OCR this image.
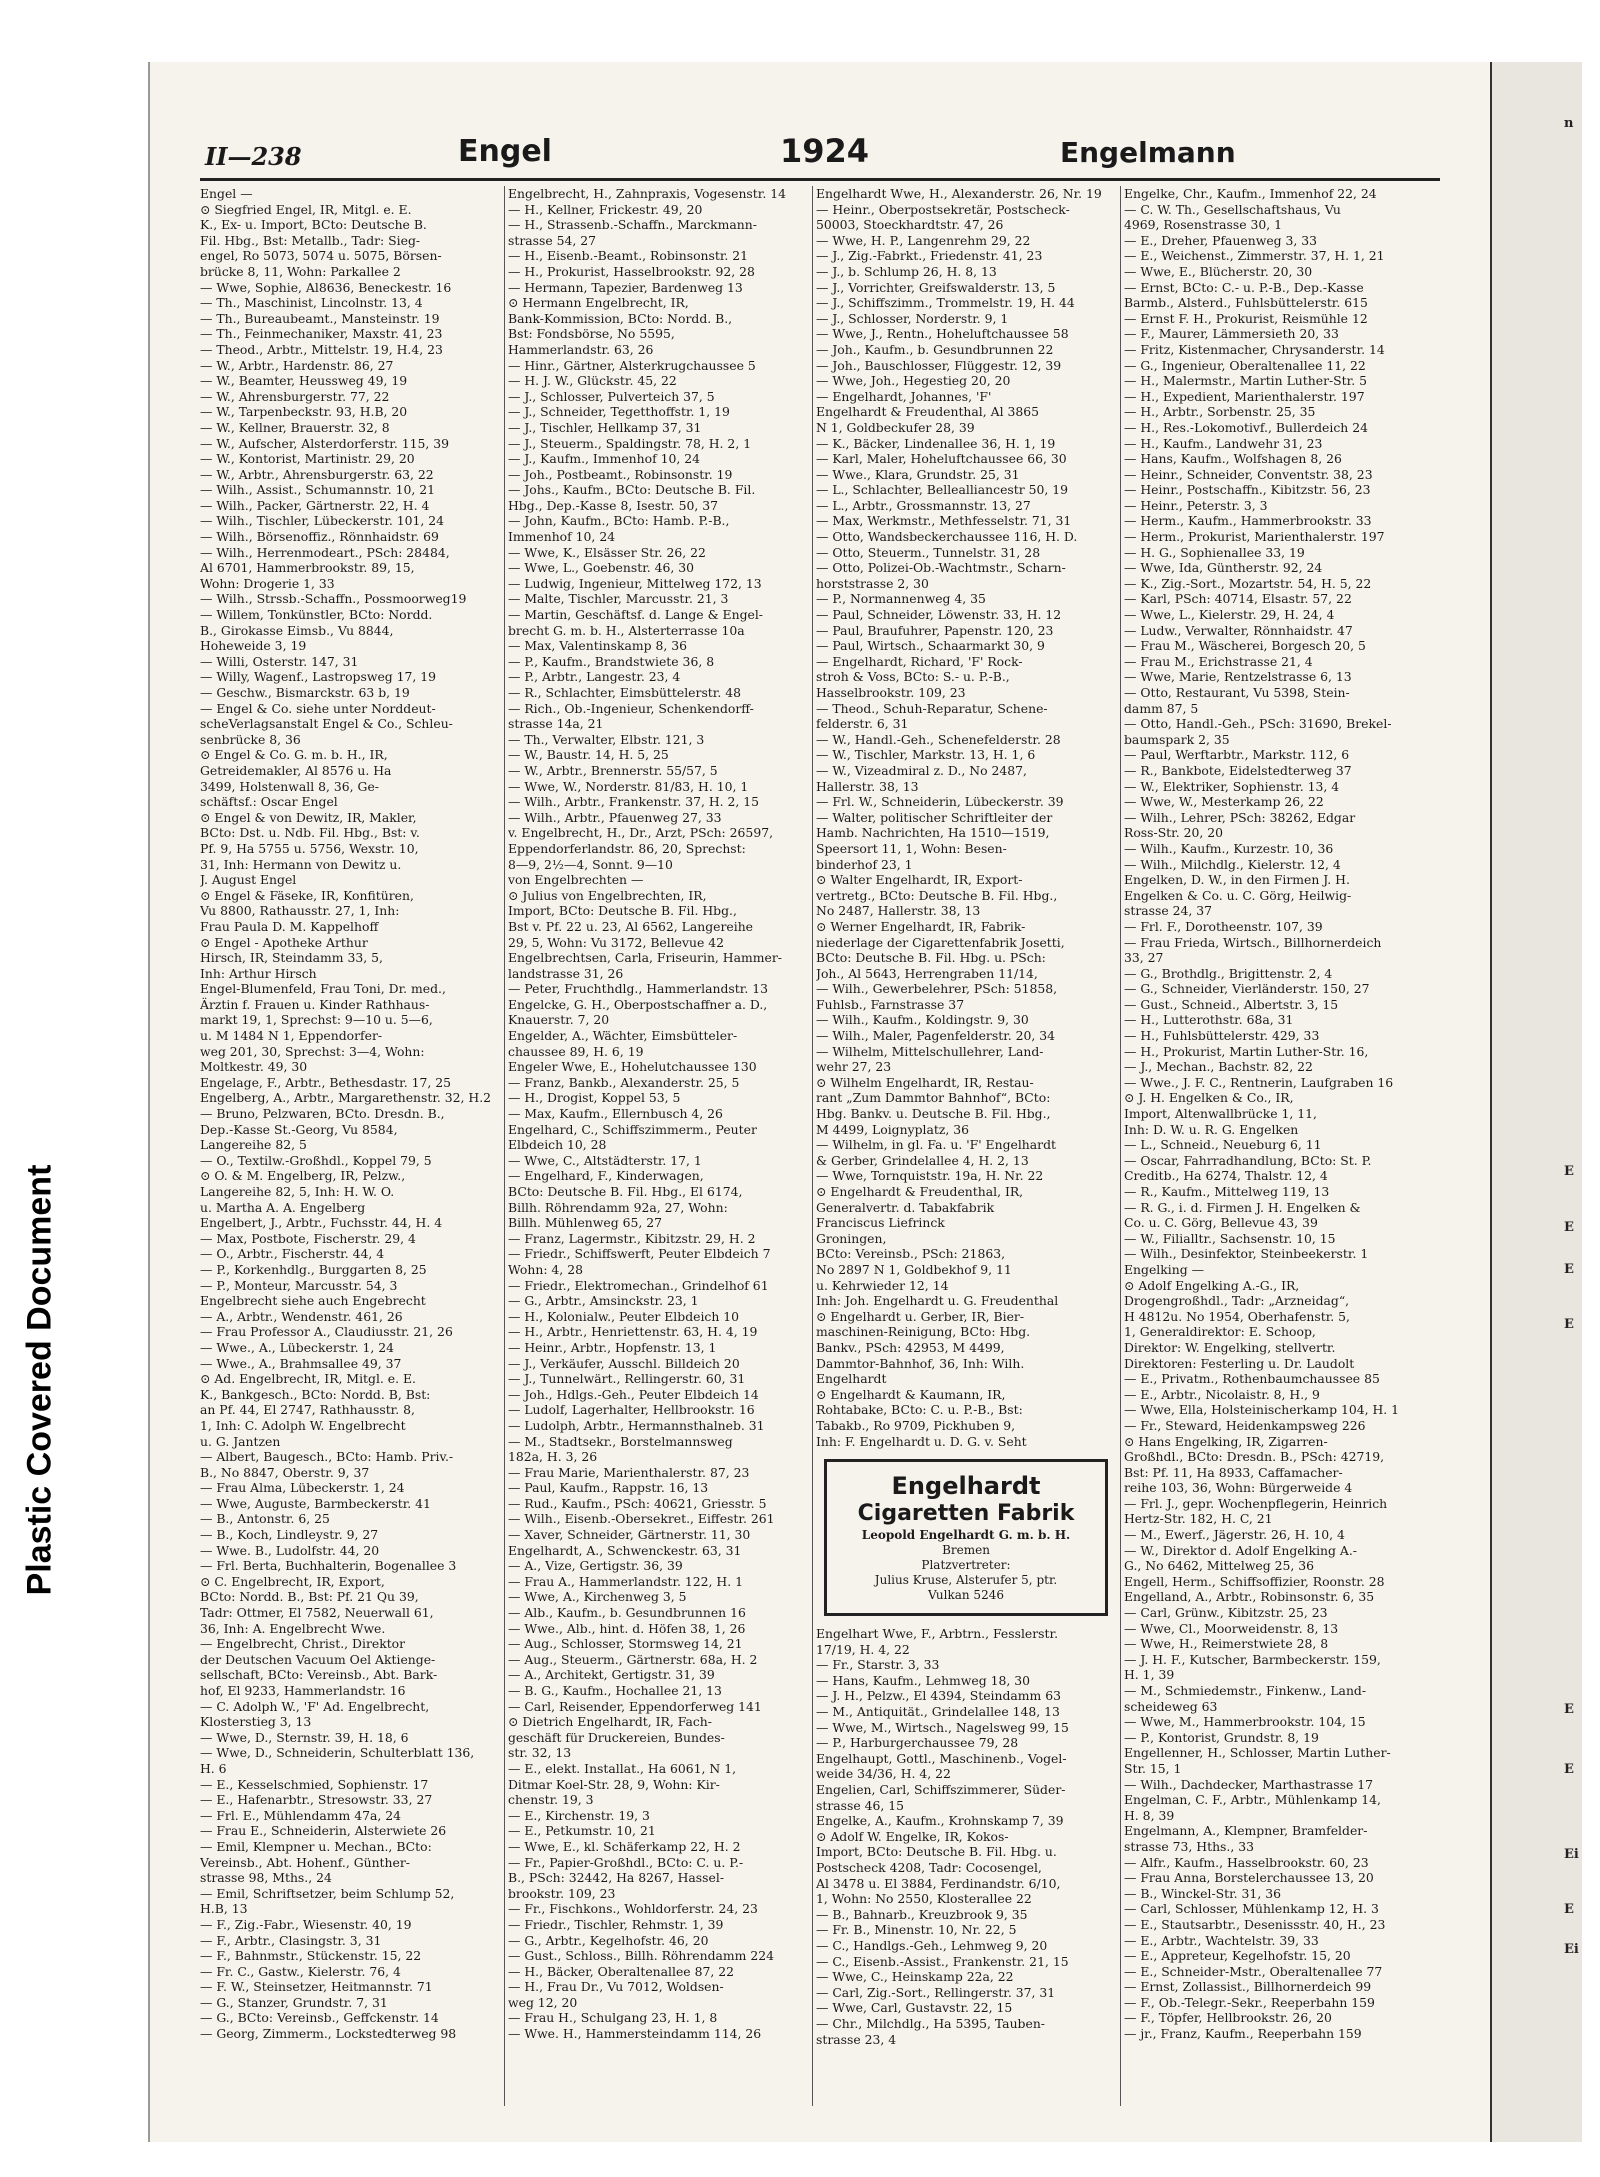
Plastic Covered Document
n
E
E
E
E
E
E
Ei
E
Ei
II—238	Engel	1924	Engelmann
Engel —
⊙ Siegfried Engel, IR, Mitgl. e. E.
K., Ex- u. Import, BCto: Deutsche B.
Fil. Hbg., Bst: Metallb., Tadr: Sieg-
engel, Ro 5073, 5074 u. 5075, Börsen-
brücke 8, 11, Wohn: Parkallee 2
— Wwe, Sophie, Al8636, Beneckestr. 16
— Th., Maschinist, Lincolnstr. 13, 4
— Th., Bureaubeamt., Mansteinstr. 19
— Th., Feinmechaniker, Maxstr. 41, 23
— Theod., Arbtr., Mittelstr. 19, H.4, 23
— W., Arbtr., Hardenstr. 86, 27
— W., Beamter, Heussweg 49, 19
— W., Ahrensburgerstr. 77, 22
— W., Tarpenbeckstr. 93, H.B, 20
— W., Kellner, Brauerstr. 32, 8
— W., Aufscher, Alsterdorferstr. 115, 39
— W., Kontorist, Martinistr. 29, 20
— W., Arbtr., Ahrensburgerstr. 63, 22
— Wilh., Assist., Schumannstr. 10, 21
— Wilh., Packer, Gärtnerstr. 22, H. 4
— Wilh., Tischler, Lübeckerstr. 101, 24
— Wilh., Börsenoffiz., Rönnhaidstr. 69
— Wilh., Herrenmodeart., PSch: 28484,
Al 6701, Hammerbrookstr. 89, 15,
Wohn: Drogerie 1, 33
— Wilh., Strssb.-Schaffn., Possmoorweg19
— Willem, Tonkünstler, BCto: Nordd.
B., Girokasse Eimsb., Vu 8844,
Hoheweide 3, 19
— Willi, Osterstr. 147, 31
— Willy, Wagenf., Lastropsweg 17, 19
— Geschw., Bismarckstr. 63 b, 19
— Engel & Co. siehe unter Norddeut-
scheVerlagsanstalt Engel & Co., Schleu-
senbrücke 8, 36
⊙ Engel & Co. G. m. b. H., IR,
Getreidemakler, Al 8576 u. Ha
3499, Holstenwall 8, 36, Ge-
schäftsf.: Oscar Engel
⊙ Engel & von Dewitz, IR, Makler,
BCto: Dst. u. Ndb. Fil. Hbg., Bst: v.
Pf. 9, Ha 5755 u. 5756, Wexstr. 10,
31, Inh: Hermann von Dewitz u.
J. August Engel
⊙ Engel & Fäseke, IR, Konfitüren,
Vu 8800, Rathausstr. 27, 1, Inh:
Frau Paula D. M. Kappelhoff
⊙ Engel - Apotheke Arthur
Hirsch, IR, Steindamm 33, 5,
Inh: Arthur Hirsch
Engel-Blumenfeld, Frau Toni, Dr. med.,
Ärztin f. Frauen u. Kinder Rathhaus-
markt 19, 1, Sprechst: 9—10 u. 5—6,
u. M 1484 N 1, Eppendorfer-
weg 201, 30, Sprechst: 3—4, Wohn:
Moltkestr. 49, 30
Engelage, F., Arbtr., Bethesdastr. 17, 25
Engelberg, A., Arbtr., Margarethenstr. 32, H.2
— Bruno, Pelzwaren, BCto. Dresdn. B.,
Dep.-Kasse St.-Georg, Vu 8584,
Langereihe 82, 5
— O., Textilw.-Großhdl., Koppel 79, 5
⊙ O. & M. Engelberg, IR, Pelzw.,
Langereihe 82, 5, Inh: H. W. O.
u. Martha A. A. Engelberg
Engelbert, J., Arbtr., Fuchsstr. 44, H. 4
— Max, Postbote, Fischerstr. 29, 4
— O., Arbtr., Fischerstr. 44, 4
— P., Korkenhdlg., Burggarten 8, 25
— P., Monteur, Marcusstr. 54, 3
Engelbrecht siehe auch Engebrecht
— A., Arbtr., Wendenstr. 461, 26
— Frau Professor A., Claudiusstr. 21, 26
— Wwe., A., Lübeckerstr. 1, 24
— Wwe., A., Brahmsallee 49, 37
⊙ Ad. Engelbrecht, IR, Mitgl. e. E.
K., Bankgesch., BCto: Nordd. B, Bst:
an Pf. 44, El 2747, Rathhausstr. 8,
1, Inh: C. Adolph W. Engelbrecht
u. G. Jantzen
— Albert, Baugesch., BCto: Hamb. Priv.-
B., No 8847, Oberstr. 9, 37
— Frau Alma, Lübeckerstr. 1, 24
— Wwe, Auguste, Barmbeckerstr. 41
— B., Antonstr. 6, 25
— B., Koch, Lindleystr. 9, 27
— Wwe. B., Ludolfstr. 44, 20
— Frl. Berta, Buchhalterin, Bogenallee 3
⊙ C. Engelbrecht, IR, Export,
BCto: Nordd. B., Bst: Pf. 21 Qu 39,
Tadr: Ottmer, El 7582, Neuerwall 61,
36, Inh: A. Engelbrecht Wwe.
— Engelbrecht, Christ., Direktor
der Deutschen Vacuum Oel Aktienge-
sellschaft, BCto: Vereinsb., Abt. Bark-
hof, El 9233, Hammerlandstr. 16
— C. Adolph W., 'F' Ad. Engelbrecht,
Klosterstieg 3, 13
— Wwe, D., Sternstr. 39, H. 18, 6
— Wwe, D., Schneiderin, Schulterblatt 136,
H. 6
— E., Kesselschmied, Sophienstr. 17
— E., Hafenarbtr., Stresowstr. 33, 27
— Frl. E., Mühlendamm 47a, 24
— Frau E., Schneiderin, Alsterwiete 26
— Emil, Klempner u. Mechan., BCto:
Vereinsb., Abt. Hohenf., Günther-
strasse 98, Mths., 24
— Emil, Schriftsetzer, beim Schlump 52,
H.B, 13
— F., Zig.-Fabr., Wiesenstr. 40, 19
— F., Arbtr., Clasingstr. 3, 31
— F., Bahnmstr., Stückenstr. 15, 22
— Fr. C., Gastw., Kielerstr. 76, 4
— F. W., Steinsetzer, Heitmannstr. 71
— G., Stanzer, Grundstr. 7, 31
— G., BCto: Vereinsb., Geffckenstr. 14
— Georg, Zimmerm., Lockstedterweg 98
Engelbrecht, H., Zahnpraxis, Vogesenstr. 14
— H., Kellner, Frickestr. 49, 20
— H., Strassenb.-Schaffn., Marckmann-
strasse 54, 27
— H., Eisenb.-Beamt., Robinsonstr. 21
— H., Prokurist, Hasselbrookstr. 92, 28
— Hermann, Tapezier, Bardenweg 13
⊙ Hermann Engelbrecht, IR,
Bank-Kommission, BCto: Nordd. B.,
Bst: Fondsbörse, No 5595,
Hammerlandstr. 63, 26
— Hinr., Gärtner, Alsterkrugchaussee 5
— H. J. W., Glückstr. 45, 22
— J., Schlosser, Pulverteich 37, 5
— J., Schneider, Tegetthoffstr. 1, 19
— J., Tischler, Hellkamp 37, 31
— J., Steuerm., Spaldingstr. 78, H. 2, 1
— J., Kaufm., Immenhof 10, 24
— Joh., Postbeamt., Robinsonstr. 19
— Johs., Kaufm., BCto: Deutsche B. Fil.
Hbg., Dep.-Kasse 8, Isestr. 50, 37
— John, Kaufm., BCto: Hamb. P.-B.,
Immenhof 10, 24
— Wwe, K., Elsässer Str. 26, 22
— Wwe, L., Goebenstr. 46, 30
— Ludwig, Ingenieur, Mittelweg 172, 13
— Malte, Tischler, Marcusstr. 21, 3
— Martin, Geschäftsf. d. Lange & Engel-
brecht G. m. b. H., Alsterterrasse 10a
— Max, Valentinskamp 8, 36
— P., Kaufm., Brandstwiete 36, 8
— P., Arbtr., Langestr. 23, 4
— R., Schlachter, Eimsbüttelerstr. 48
— Rich., Ob.-Ingenieur, Schenkendorff-
strasse 14a, 21
— Th., Verwalter, Elbstr. 121, 3
— W., Baustr. 14, H. 5, 25
— W., Arbtr., Brennerstr. 55/57, 5
— Wwe, W., Norderstr. 81/83, H. 10, 1
— Wilh., Arbtr., Frankenstr. 37, H. 2, 15
— Wilh., Arbtr., Pfauenweg 27, 33
v. Engelbrecht, H., Dr., Arzt, PSch: 26597,
Eppendorferlandstr. 86, 20, Sprechst:
8—9, 2½—4, Sonnt. 9—10
von Engelbrechten —
⊙ Julius von Engelbrechten, IR,
Import, BCto: Deutsche B. Fil. Hbg.,
Bst v. Pf. 22 u. 23, Al 6562, Langereihe
29, 5, Wohn: Vu 3172, Bellevue 42
Engelbrechtsen, Carla, Friseurin, Hammer-
landstrasse 31, 26
— Peter, Fruchthdlg., Hammerlandstr. 13
Engelcke, G. H., Oberpostschaffner a. D.,
Knauerstr. 7, 20
Engelder, A., Wächter, Eimsbütteler-
chaussee 89, H. 6, 19
Engeler Wwe, E., Hohelutchaussee 130
— Franz, Bankb., Alexanderstr. 25, 5
— H., Drogist, Koppel 53, 5
— Max, Kaufm., Ellernbusch 4, 26
Engelhard, C., Schiffszimmerm., Peuter
Elbdeich 10, 28
— Wwe, C., Altstädterstr. 17, 1
— Engelhard, F., Kinderwagen,
BCto: Deutsche B. Fil. Hbg., El 6174,
Billh. Röhrendamm 92a, 27, Wohn:
Billh. Mühlenweg 65, 27
— Franz, Lagermstr., Kibitzstr. 29, H. 2
— Friedr., Schiffswerft, Peuter Elbdeich 7
Wohn: 4, 28
— Friedr., Elektromechan., Grindelhof 61
— G., Arbtr., Amsinckstr. 23, 1
— H., Kolonialw., Peuter Elbdeich 10
— H., Arbtr., Henriettenstr. 63, H. 4, 19
— Heinr., Arbtr., Hopfenstr. 13, 1
— J., Verkäufer, Ausschl. Billdeich 20
— J., Tunnelwärt., Rellingerstr. 60, 31
— Joh., Hdlgs.-Geh., Peuter Elbdeich 14
— Ludolf, Lagerhalter, Hellbrookstr. 16
— Ludolph, Arbtr., Hermannsthalneb. 31
— M., Stadtsekr., Borstelmannsweg
182a, H. 3, 26
— Frau Marie, Marienthalerstr. 87, 23
— Paul, Kaufm., Rappstr. 16, 13
— Rud., Kaufm., PSch: 40621, Griesstr. 5
— Wilh., Eisenb.-Obersekret., Eiffestr. 261
— Xaver, Schneider, Gärtnerstr. 11, 30
Engelhardt, A., Schwenckestr. 63, 31
— A., Vize, Gertigstr. 36, 39
— Frau A., Hammerlandstr. 122, H. 1
— Wwe, A., Kirchenweg 3, 5
— Alb., Kaufm., b. Gesundbrunnen 16
— Wwe., Alb., hint. d. Höfen 38, 1, 26
— Aug., Schlosser, Stormsweg 14, 21
— Aug., Steuerm., Gärtnerstr. 68a, H. 2
— A., Architekt, Gertigstr. 31, 39
— B. G., Kaufm., Hochallee 21, 13
— Carl, Reisender, Eppendorferweg 141
⊙ Dietrich Engelhardt, IR, Fach-
geschäft für Druckereien, Bundes-
str. 32, 13
— E., elekt. Installat., Ha 6061, N 1,
Ditmar Koel-Str. 28, 9, Wohn: Kir-
chenstr. 19, 3
— E., Kirchenstr. 19, 3
— E., Petkumstr. 10, 21
— Wwe, E., kl. Schäferkamp 22, H. 2
— Fr., Papier-Großhdl., BCto: C. u. P.-
B., PSch: 32442, Ha 8267, Hassel-
brookstr. 109, 23
— Fr., Fischkons., Wohldorferstr. 24, 23
— Friedr., Tischler, Rehmstr. 1, 39
— G., Arbtr., Kegelhofstr. 46, 20
— Gust., Schloss., Billh. Röhrendamm 224
— H., Bäcker, Oberaltenallee 87, 22
— H., Frau Dr., Vu 7012, Woldsen-
weg 12, 20
— Frau H., Schulgang 23, H. 1, 8
— Wwe. H., Hammersteindamm 114, 26
Engelhardt Wwe, H., Alexanderstr. 26, Nr. 19
— Heinr., Oberpostsekretär, Postscheck-
50003, Stoeckhardtstr. 47, 26
— Wwe, H. P., Langenrehm 29, 22
— J., Zig.-Fabrkt., Friedenstr. 41, 23
— J., b. Schlump 26, H. 8, 13
— J., Vorrichter, Greifswalderstr. 13, 5
— J., Schiffszimm., Trommelstr. 19, H. 44
— J., Schlosser, Norderstr. 9, 1
— Wwe, J., Rentn., Hoheluftchaussee 58
— Joh., Kaufm., b. Gesundbrunnen 22
— Joh., Bauschlosser, Flüggestr. 12, 39
— Wwe, Joh., Hegestieg 20, 20
— Engelhardt, Johannes, 'F'
Engelhardt & Freudenthal, Al 3865
N 1, Goldbeckufer 28, 39
— K., Bäcker, Lindenallee 36, H. 1, 19
— Karl, Maler, Hoheluftchaussee 66, 30
— Wwe., Klara, Grundstr. 25, 31
— L., Schlachter, Bellealliancestr 50, 19
— L., Arbtr., Grossmannstr. 13, 27
— Max, Werkmstr., Methfesselstr. 71, 31
— Otto, Wandsbeckerchaussee 116, H. D.
— Otto, Steuerm., Tunnelstr. 31, 28
— Otto, Polizei-Ob.-Wachtmstr., Scharn-
horststrasse 2, 30
— P., Normannenweg 4, 35
— Paul, Schneider, Löwenstr. 33, H. 12
— Paul, Braufuhrer, Papenstr. 120, 23
— Paul, Wirtsch., Schaarmarkt 30, 9
— Engelhardt, Richard, 'F' Rock-
stroh & Voss, BCto: S.- u. P.-B.,
Hasselbrookstr. 109, 23
— Theod., Schuh-Reparatur, Schene-
felderstr. 6, 31
— W., Handl.-Geh., Schenefelderstr. 28
— W., Tischler, Markstr. 13, H. 1, 6
— W., Vizeadmiral z. D., No 2487,
Hallerstr. 38, 13
— Frl. W., Schneiderin, Lübeckerstr. 39
— Walter, politischer Schriftleiter der
Hamb. Nachrichten, Ha 1510—1519,
Speersort 11, 1, Wohn: Besen-
binderhof 23, 1
⊙ Walter Engelhardt, IR, Export-
vertretg., BCto: Deutsche B. Fil. Hbg.,
No 2487, Hallerstr. 38, 13
⊙ Werner Engelhardt, IR, Fabrik-
niederlage der Cigarettenfabrik Josetti,
BCto: Deutsche B. Fil. Hbg. u. PSch:
Joh., Al 5643, Herrengraben 11/14,
— Wilh., Gewerbelehrer, PSch: 51858,
Fuhlsb., Farnstrasse 37
— Wilh., Kaufm., Koldingstr. 9, 30
— Wilh., Maler, Pagenfelderstr. 20, 34
— Wilhelm, Mittelschullehrer, Land-
wehr 27, 23
⊙ Wilhelm Engelhardt, IR, Restau-
rant „Zum Dammtor Bahnhof“, BCto:
Hbg. Bankv. u. Deutsche B. Fil. Hbg.,
M 4499, Loignyplatz, 36
— Wilhelm, in gl. Fa. u. 'F' Engelhardt
& Gerber, Grindelallee 4, H. 2, 13
— Wwe, Tornquiststr. 19a, H. Nr. 22
⊙ Engelhardt & Freudenthal, IR,
Generalvertr. d. Tabakfabrik
Franciscus Liefrinck
Groningen,
BCto: Vereinsb., PSch: 21863,
No 2897 N 1, Goldbekhof 9, 11
u. Kehrwieder 12, 14
Inh: Joh. Engelhardt u. G. Freudenthal
⊙ Engelhardt u. Gerber, IR, Bier-
maschinen-Reinigung, BCto: Hbg.
Bankv., PSch: 42953, M 4499,
Dammtor-Bahnhof, 36, Inh: Wilh.
Engelhardt
⊙ Engelhardt & Kaumann, IR,
Rohtabake, BCto: C. u. P.-B., Bst:
Tabakb., Ro 9709, Pickhuben 9,
Inh: F. Engelhardt u. D. G. v. Seht
Engelhardt
Cigaretten Fabrik
Leopold Engelhardt G. m. b. H.
Bremen
Platzvertreter:
Julius Kruse, Alsterufer 5, ptr.
Vulkan 5246
Engelhart Wwe, F., Arbtrn., Fesslerstr.
17/19, H. 4, 22
— Fr., Starstr. 3, 33
— Hans, Kaufm., Lehmweg 18, 30
— J. H., Pelzw., El 4394, Steindamm 63
— M., Antiquität., Grindelallee 148, 13
— Wwe, M., Wirtsch., Nagelsweg 99, 15
— P., Harburgerchaussee 79, 28
Engelhaupt, Gottl., Maschinenb., Vogel-
weide 34/36, H. 4, 22
Engelien, Carl, Schiffszimmerer, Süder-
strasse 46, 15
Engelke, A., Kaufm., Krohnskamp 7, 39
⊙ Adolf W. Engelke, IR, Kokos-
Import, BCto: Deutsche B. Fil. Hbg. u.
Postscheck 4208, Tadr: Cocosengel,
Al 3478 u. El 3884, Ferdinandstr. 6/10,
1, Wohn: No 2550, Klosterallee 22
— B., Bahnarb., Kreuzbrook 9, 35
— Fr. B., Minenstr. 10, Nr. 22, 5
— C., Handlgs.-Geh., Lehmweg 9, 20
— C., Eisenb.-Assist., Frankenstr. 21, 15
— Wwe, C., Heinskamp 22a, 22
— Carl, Zig.-Sort., Rellingerstr. 37, 31
— Wwe, Carl, Gustavstr. 22, 15
— Chr., Milchdlg., Ha 5395, Tauben-
strasse 23, 4
Engelke, Chr., Kaufm., Immenhof 22, 24
— C. W. Th., Gesellschaftshaus, Vu
4969, Rosenstrasse 30, 1
— E., Dreher, Pfauenweg 3, 33
— E., Weichenst., Zimmerstr. 37, H. 1, 21
— Wwe, E., Blücherstr. 20, 30
— Ernst, BCto: C.- u. P.-B., Dep.-Kasse
Barmb., Alsterd., Fuhlsbüttelerstr. 615
— Ernst F. H., Prokurist, Reismühle 12
— F., Maurer, Lämmersieth 20, 33
— Fritz, Kistenmacher, Chrysanderstr. 14
— G., Ingenieur, Oberaltenallee 11, 22
— H., Malermstr., Martin Luther-Str. 5
— H., Expedient, Marienthalerstr. 197
— H., Arbtr., Sorbenstr. 25, 35
— H., Res.-Lokomotivf., Bullerdeich 24
— H., Kaufm., Landwehr 31, 23
— Hans, Kaufm., Wolfshagen 8, 26
— Heinr., Schneider, Conventstr. 38, 23
— Heinr., Postschaffn., Kibitzstr. 56, 23
— Heinr., Peterstr. 3, 3
— Herm., Kaufm., Hammerbrookstr. 33
— Herm., Prokurist, Marienthalerstr. 197
— H. G., Sophienallee 33, 19
— Wwe, Ida, Güntherstr. 92, 24
— K., Zig.-Sort., Mozartstr. 54, H. 5, 22
— Karl, PSch: 40714, Elsastr. 57, 22
— Wwe, L., Kielerstr. 29, H. 24, 4
— Ludw., Verwalter, Rönnhaidstr. 47
— Frau M., Wäscherei, Borgesch 20, 5
— Frau M., Erichstrasse 21, 4
— Wwe, Marie, Rentzelstrasse 6, 13
— Otto, Restaurant, Vu 5398, Stein-
damm 87, 5
— Otto, Handl.-Geh., PSch: 31690, Brekel-
baumspark 2, 35
— Paul, Werftarbtr., Markstr. 112, 6
— R., Bankbote, Eidelstedterweg 37
— W., Elektriker, Sophienstr. 13, 4
— Wwe, W., Mesterkamp 26, 22
— Wilh., Lehrer, PSch: 38262, Edgar
Ross-Str. 20, 20
— Wilh., Kaufm., Kurzestr. 10, 36
— Wilh., Milchdlg., Kielerstr. 12, 4
Engelken, D. W., in den Firmen J. H.
Engelken & Co. u. C. Görg, Heilwig-
strasse 24, 37
— Frl. F., Dorotheenstr. 107, 39
— Frau Frieda, Wirtsch., Billhornerdeich
33, 27
— G., Brothdlg., Brigittenstr. 2, 4
— G., Schneider, Vierländerstr. 150, 27
— Gust., Schneid., Albertstr. 3, 15
— H., Lutterothstr. 68a, 31
— H., Fuhlsbüttelerstr. 429, 33
— H., Prokurist, Martin Luther-Str. 16,
— J., Mechan., Bachstr. 82, 22
— Wwe., J. F. C., Rentnerin, Laufgraben 16
⊙ J. H. Engelken & Co., IR,
Import, Altenwallbrücke 1, 11,
Inh: D. W. u. R. G. Engelken
— L., Schneid., Neueburg 6, 11
— Oscar, Fahrradhandlung, BCto: St. P.
Creditb., Ha 6274, Thalstr. 12, 4
— R., Kaufm., Mittelweg 119, 13
— R. G., i. d. Firmen J. H. Engelken &
Co. u. C. Görg, Bellevue 43, 39
— W., Filialltr., Sachsenstr. 10, 15
— Wilh., Desinfektor, Steinbeekerstr. 1
Engelking —
⊙ Adolf Engelking A.-G., IR,
Drogengroßhdl., Tadr: „Arzneidag“,
H 4812u. No 1954, Oberhafenstr. 5,
1, Generaldirektor: E. Schoop,
Direktor: W. Engelking, stellvertr.
Direktoren: Festerling u. Dr. Laudolt
— E., Privatm., Rothenbaumchaussee 85
— E., Arbtr., Nicolaistr. 8, H., 9
— Wwe, Ella, Holsteinischerkamp 104, H. 1
— Fr., Steward, Heidenkampsweg 226
⊙ Hans Engelking, IR, Zigarren-
Großhdl., BCto: Dresdn. B., PSch: 42719,
Bst: Pf. 11, Ha 8933, Caffamacher-
reihe 103, 36, Wohn: Bürgerweide 4
— Frl. J., gepr. Wochenpflegerin, Heinrich
Hertz-Str. 182, H. C, 21
— M., Ewerf., Jägerstr. 26, H. 10, 4
— W., Direktor d. Adolf Engelking A.-
G., No 6462, Mittelweg 25, 36
Engell, Herm., Schiffsoffizier, Roonstr. 28
Engelland, A., Arbtr., Robinsonstr. 6, 35
— Carl, Grünw., Kibitzstr. 25, 23
— Wwe, Cl., Moorweidenstr. 8, 13
— Wwe, H., Reimerstwiete 28, 8
— J. H. F., Kutscher, Barmbeckerstr. 159,
H. 1, 39
— M., Schmiedemstr., Finkenw., Land-
scheideweg 63
— Wwe, M., Hammerbrookstr. 104, 15
— P., Kontorist, Grundstr. 8, 19
Engellenner, H., Schlosser, Martin Luther-
Str. 15, 1
— Wilh., Dachdecker, Marthastrasse 17
Engelman, C. F., Arbtr., Mühlenkamp 14,
H. 8, 39
Engelmann, A., Klempner, Bramfelder-
strasse 73, Hths., 33
— Alfr., Kaufm., Hasselbrookstr. 60, 23
— Frau Anna, Borstelerchaussee 13, 20
— B., Winckel-Str. 31, 36
— Carl, Schlosser, Mühlenkamp 12, H. 3
— E., Stautsarbtr., Desenissstr. 40, H., 23
— E., Arbtr., Wachtelstr. 39, 33
— E., Appreteur, Kegelhofstr. 15, 20
— E., Schneider-Mstr., Oberaltenallee 77
— Ernst, Zollassist., Billhornerdeich 99
— F., Ob.-Telegr.-Sekr., Reeperbahn 159
— F., Töpfer, Hellbrookstr. 26, 20
— jr., Franz, Kaufm., Reeperbahn 159
